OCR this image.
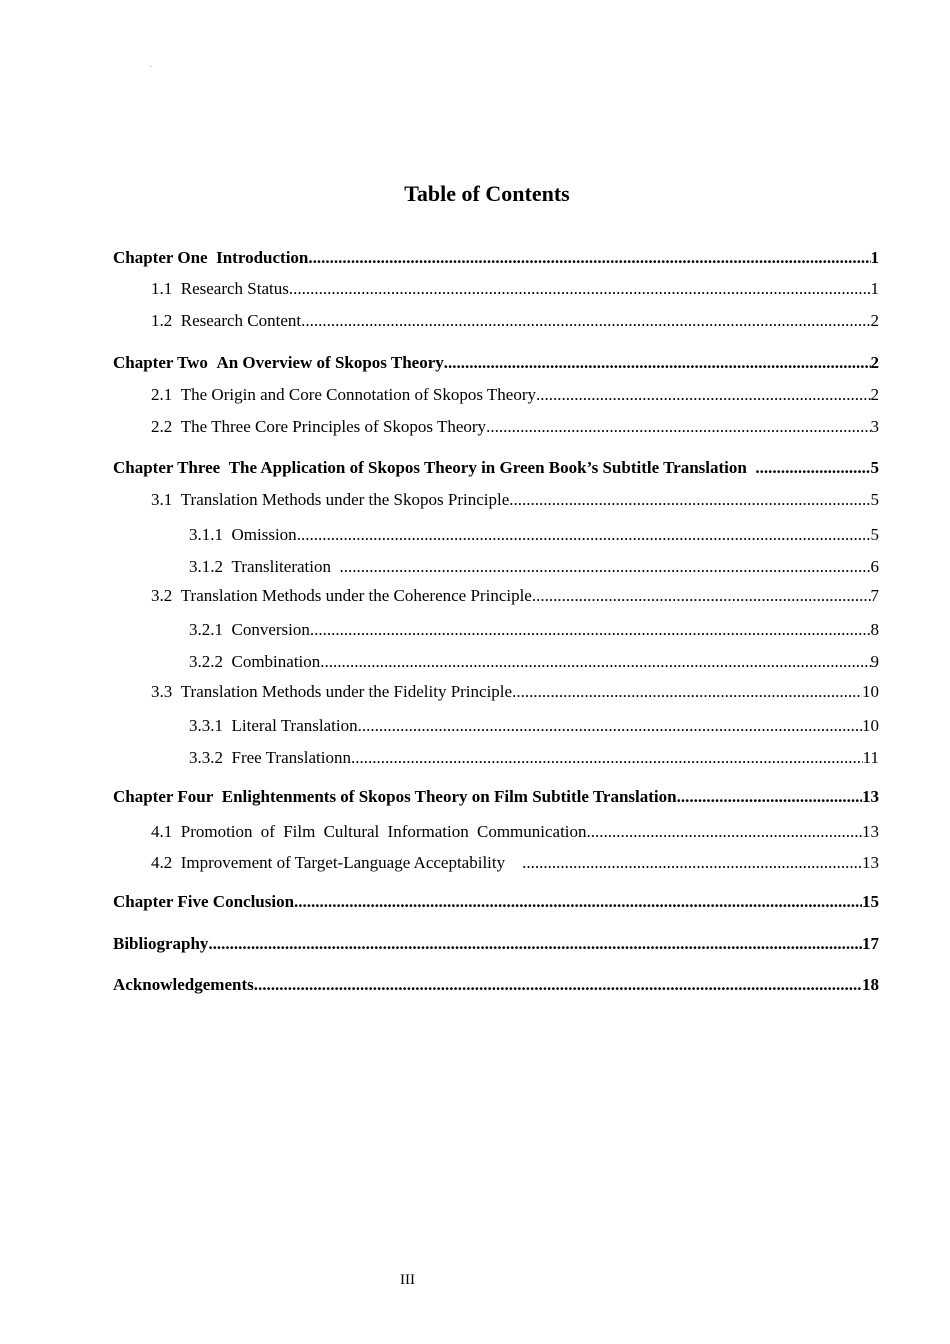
Table of Contents
Chapter One Introduction .....	1
1.1 Research Status .....	1
1.2 Research Content .....	2
Chapter Two An Overview of Skopos Theory .....	2
2.1 The Origin and Core Connotation of Skopos Theory .....	2
2.2 The Three Core Principles of Skopos Theory .....	3
Chapter Three The Application of Skopos Theory in Green Book’s Subtitle Translation .....	5
3.1 Translation Methods under the Skopos Principle .....	5
3.1.1 Omission .....	5
3.1.2 Transliteration .....	6
3.2 Translation Methods under the Coherence Principle .....	7
3.2.1 Conversion .....	8
3.2.2 Combination .....	9
3.3 Translation Methods under the Fidelity Principle .....	10
3.3.1 Literal Translation .....	10
3.3.2 Free Translationn .....	11
Chapter Four Enlightenments of Skopos Theory on Film Subtitle Translation .....	13
4.1 Promotion of Film Cultural Information Communication .....	13
4.2 Improvement of Target-Language Acceptability .....	13
Chapter Five Conclusion .....	15
Bibliography .....	17
Acknowledgements .....	18
III
